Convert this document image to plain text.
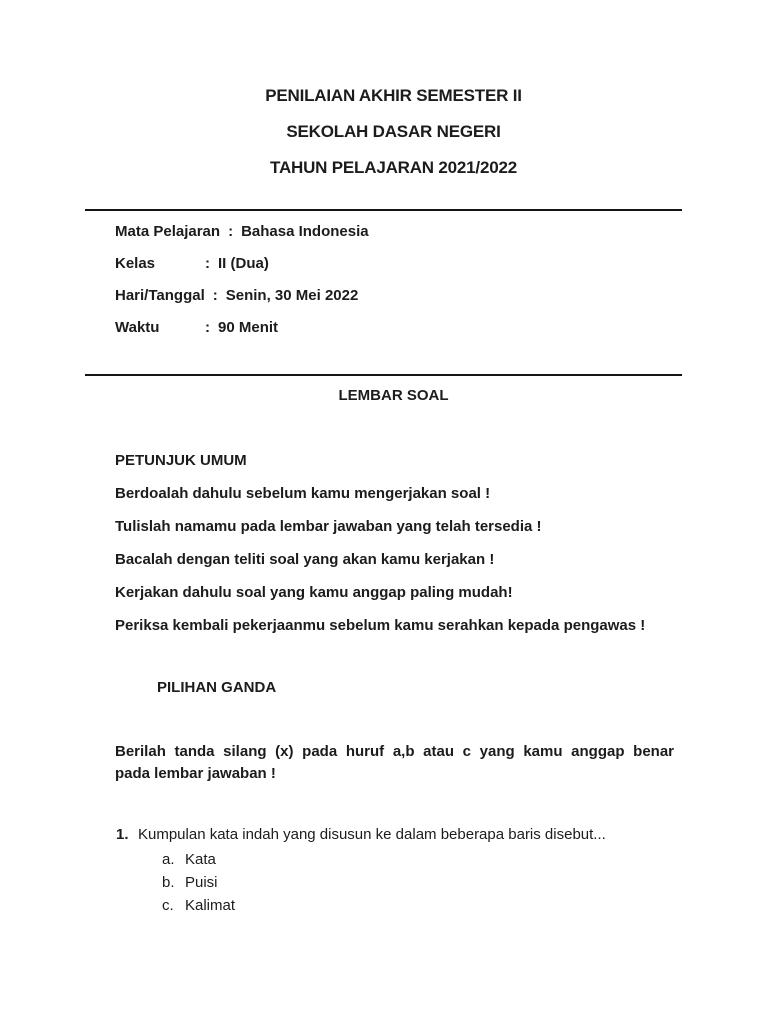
PENILAIAN AKHIR SEMESTER II
SEKOLAH DASAR NEGERI
TAHUN PELAJARAN 2021/2022
Mata Pelajaran : Bahasa Indonesia
Kelas	: II (Dua)
Hari/Tanggal : Senin, 30 Mei 2022
Waktu	: 90 Menit
LEMBAR SOAL
PETUNJUK UMUM
Berdoalah dahulu sebelum kamu mengerjakan soal !
Tulislah namamu pada lembar jawaban yang telah tersedia !
Bacalah dengan teliti soal yang akan kamu kerjakan !
Kerjakan dahulu soal yang kamu anggap paling mudah!
Periksa kembali pekerjaanmu sebelum kamu serahkan kepada pengawas !
PILIHAN GANDA
Berilah tanda silang (x) pada huruf a,b atau c yang kamu anggap benar
pada lembar jawaban !
1. Kumpulan kata indah yang disusun ke dalam beberapa baris disebut...
a. Kata
b. Puisi
c. Kalimat
